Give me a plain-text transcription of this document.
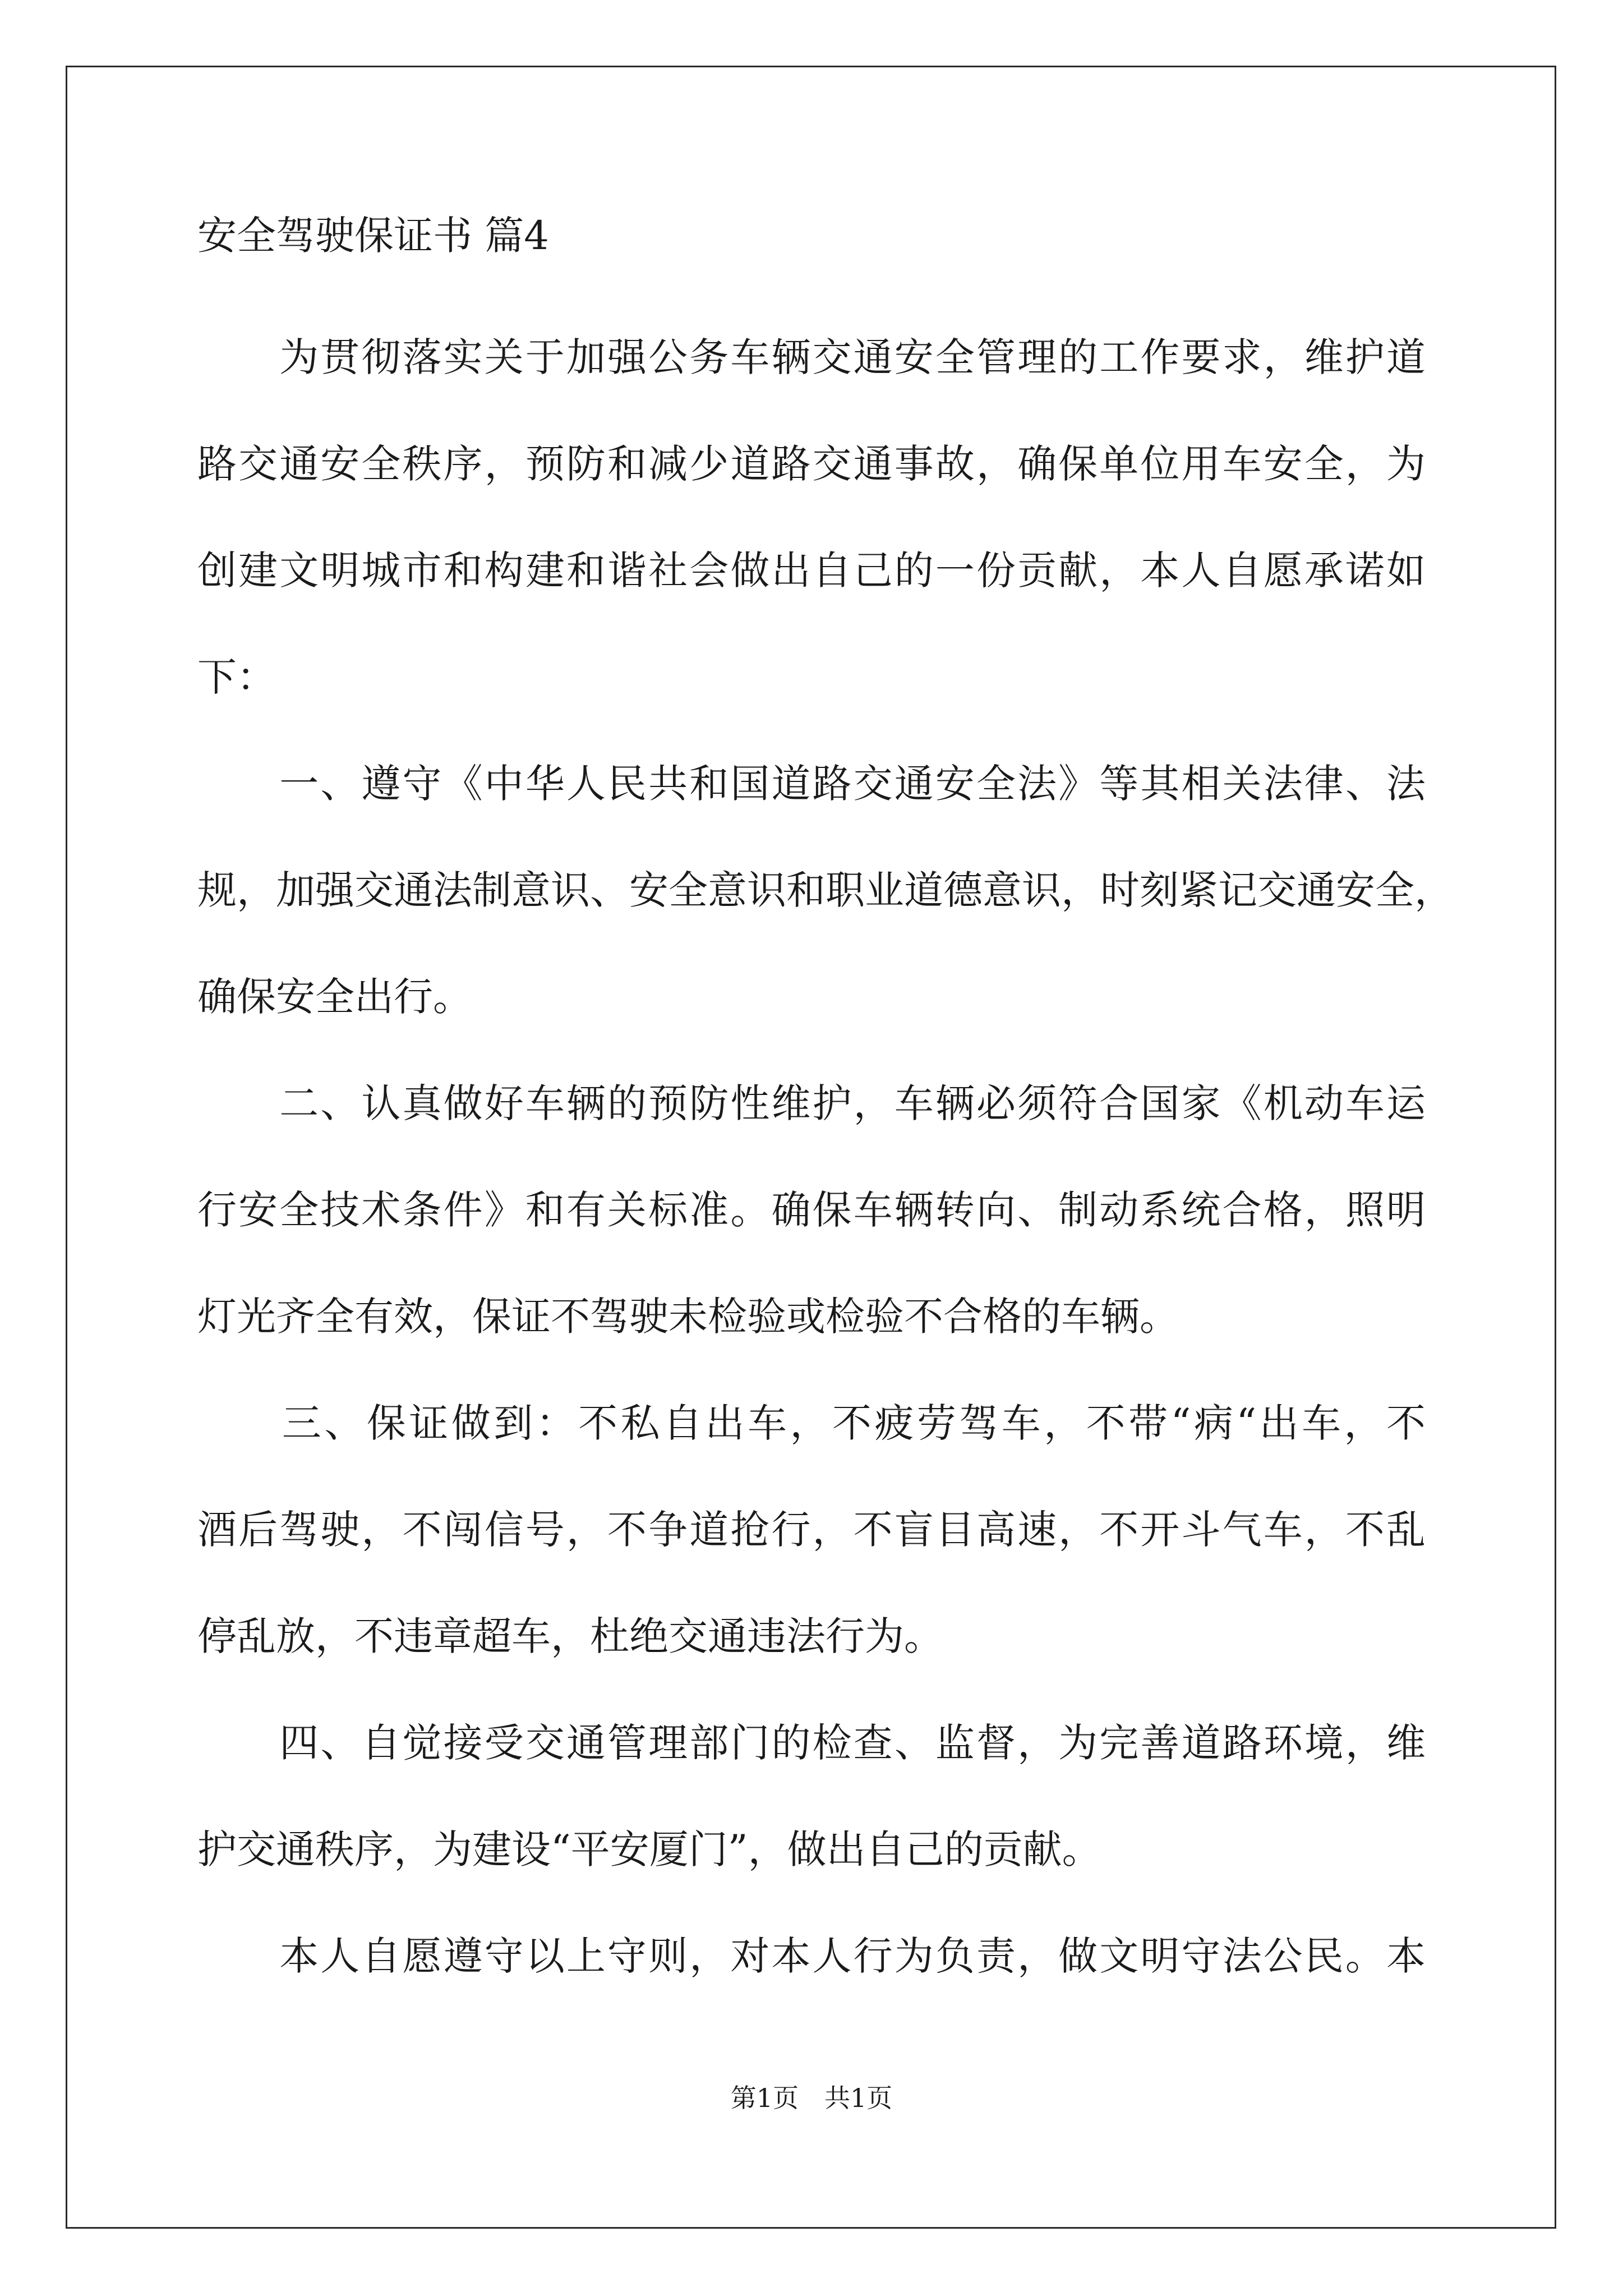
安全驾驶保证书 篇4
　　为贯彻落实关于加强公务车辆交通安全管理的工作要求，维护道
路交通安全秩序，预防和减少道路交通事故，确保单位用车安全，为
创建文明城市和构建和谐社会做出自己的一份贡献，本人自愿承诺如
下：
　　一、遵守《中华人民共和国道路交通安全法》等其相关法律、法
规，加强交通法制意识、安全意识和职业道德意识，时刻紧记交通安全，
确保安全出行。
　　二、认真做好车辆的预防性维护，车辆必须符合国家《机动车运
行安全技术条件》和有关标准。确保车辆转向、制动系统合格，照明
灯光齐全有效，保证不驾驶未检验或检验不合格的车辆。
　　三、保证做到：不私自出车，不疲劳驾车，不带“病“出车，不
酒后驾驶，不闯信号，不争道抢行，不盲目高速，不开斗气车，不乱
停乱放，不违章超车，杜绝交通违法行为。
　　四、自觉接受交通管理部门的检查、监督，为完善道路环境，维
护交通秩序，为建设“平安厦门”，做出自己的贡献。
　　本人自愿遵守以上守则，对本人行为负责，做文明守法公民。本
第1页　共1页
